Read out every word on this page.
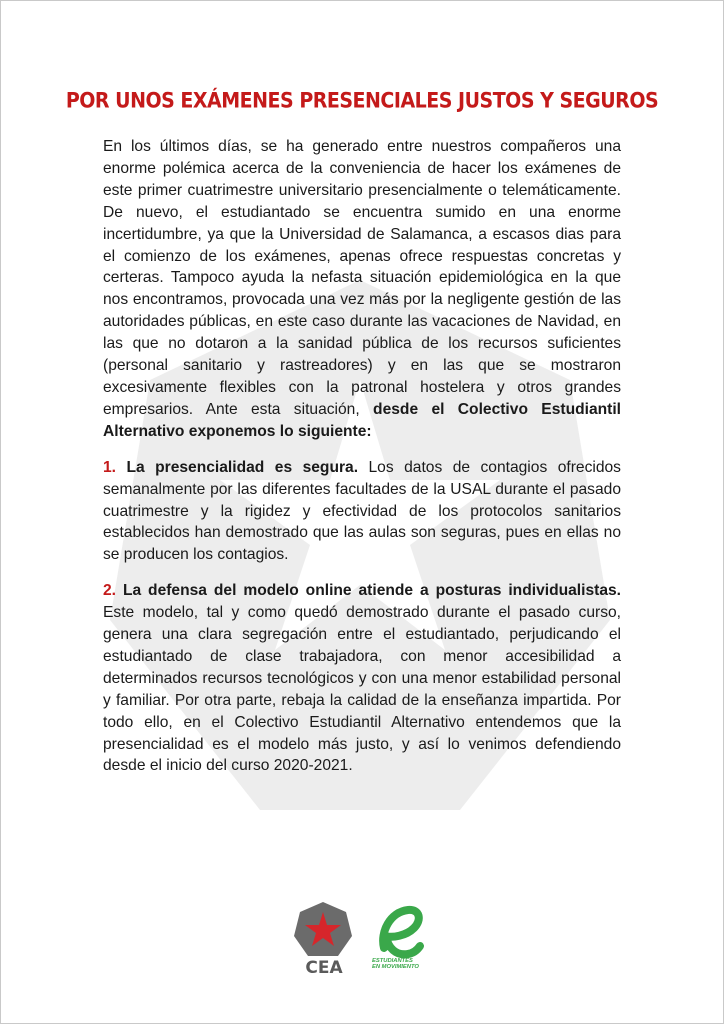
POR UNOS EXÁMENES PRESENCIALES JUSTOS Y SEGUROS

En los últimos días, se ha generado entre nuestros compañeros una enorme polémica acerca de la conveniencia de hacer los exámenes de este primer cuatrimestre universitario presencialmente o telemáticamente. De nuevo, el estudiantado se encuentra sumido en una enorme incertidumbre, ya que la Universidad de Salamanca, a escasos dias para el comienzo de los exámenes, apenas ofrece respuestas concretas y certeras. Tampoco ayuda la nefasta situación epidemiológica en la que nos encontramos, provocada una vez más por la negligente gestión de las autoridades públicas, en este caso durante las vacaciones de Navidad, en las que no dotaron a la sanidad pública de los recursos suficientes (personal sanitario y rastreadores) y en las que se mostraron excesivamente flexibles con la patronal hostelera y otros grandes empresarios. Ante esta situación, desde el Colectivo Estudiantil Alternativo exponemos lo siguiente:

1. La presencialidad es segura. Los datos de contagios ofrecidos semanalmente por las diferentes facultades de la USAL durante el pasado cuatrimestre y la rigidez y efectividad de los protocolos sanitarios establecidos han demostrado que las aulas son seguras, pues en ellas no se producen los contagios.

2. La defensa del modelo online atiende a posturas individualistas. Este modelo, tal y como quedó demostrado durante el pasado curso, genera una clara segregación entre el estudiantado, perjudicando el estudiantado de clase trabajadora, con menor accesibilidad a determinados recursos tecnológicos y con una menor estabilidad personal y familiar. Por otra parte, rebaja la calidad de la enseñanza impartida. Por todo ello, en el Colectivo Estudiantil Alternativo entendemos que la presencialidad es el modelo más justo, y así lo venimos defendiendo desde el inicio del curso 2020-2021.

CEA	ESTUDIANTES
EN MOVIMIENTO
